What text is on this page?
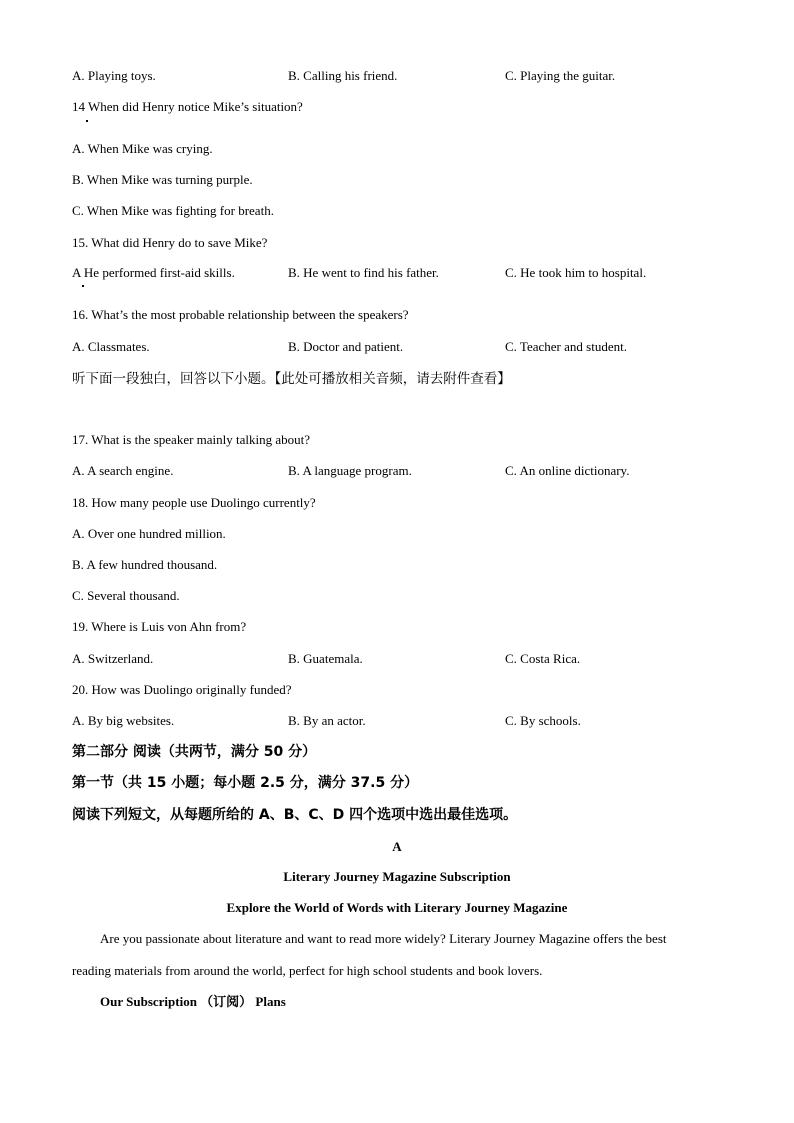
A. Playing toys.	B. Calling his friend.	C. Playing the guitar.
14 When did Henry notice Mike’s situation?
A. When Mike was crying.
B. When Mike was turning purple.
C. When Mike was fighting for breath.
15. What did Henry do to save Mike?
A He performed first-aid skills.	B. He went to find his father.	C. He took him to hospital.
16. What’s the most probable relationship between the speakers?
A. Classmates.	B. Doctor and patient.	C. Teacher and student.
听下面一段独白，回答以下小题。【此处可播放相关音频，请去附件查看】
17. What is the speaker mainly talking about?
A. A search engine.	B. A language program.	C. An online dictionary.
18. How many people use Duolingo currently?
A. Over one hundred million.
B. A few hundred thousand.
C. Several thousand.
19. Where is Luis von Ahn from?
A. Switzerland.	B. Guatemala.	C. Costa Rica.
20. How was Duolingo originally funded?
A. By big websites.	B. By an actor.	C. By schools.
第二部分 阅读（共两节，满分 50 分）
第一节（共 15 小题；每小题 2.5 分，满分 37.5 分）
阅读下列短文，从每题所给的 A、B、C、D 四个选项中选出最佳选项。
A
Literary Journey Magazine Subscription
Explore the World of Words with Literary Journey Magazine
Are you passionate about literature and want to read more widely? Literary Journey Magazine offers the best
reading materials from around the world, perfect for high school students and book lovers.
Our Subscription （订阅） Plans
